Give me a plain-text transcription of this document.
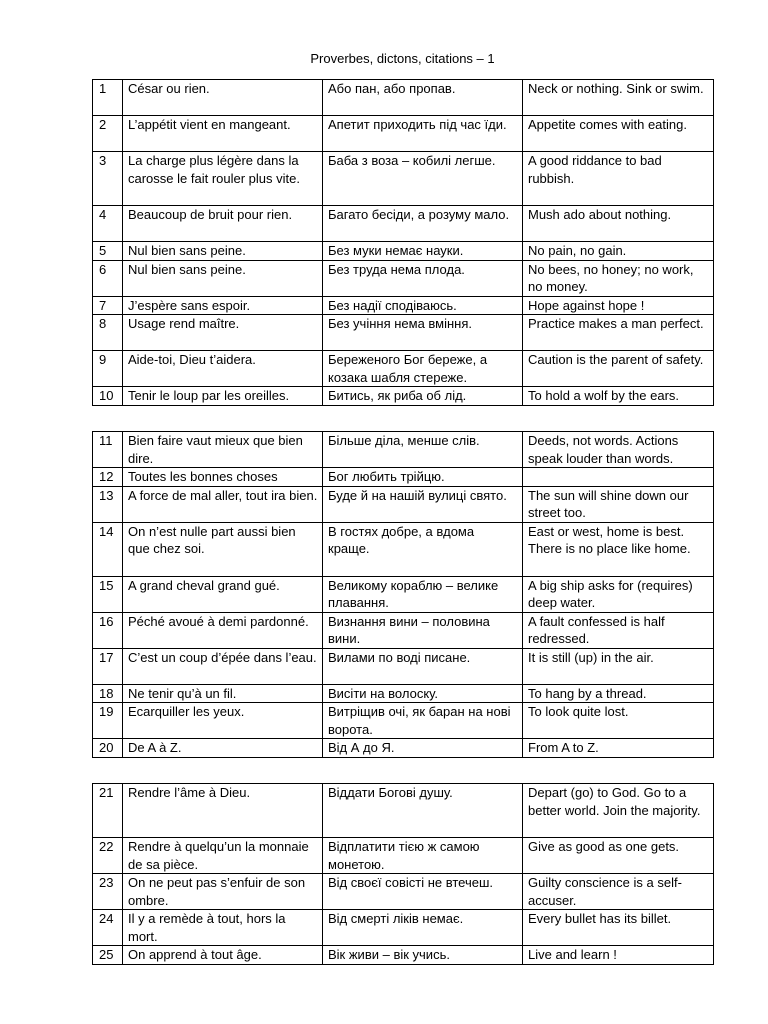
Proverbes, dictons, citations – 1
1	César ou rien.	Або пан, або пропав.	Neck or nothing. Sink or swim.
2	L’appétit vient en mangeant.	Апетит приходить під час їди.	Appetite comes with eating.
3	La charge plus légère dans la carosse le fait rouler plus vite.	Баба з воза – кобилі легше.	A good riddance to bad rubbish.
4	Beaucoup de bruit pour rien.	Багато бесіди, а розуму мало.	Mush ado about nothing.
5	Nul bien sans peine.	Без муки немає науки.	No pain, no gain.
6	Nul bien sans peine.	Без труда нема плода.	No bees, no honey; no work, no money.
7	J’espère sans espoir.	Без надії сподіваюсь.	Hope against hope !
8	Usage rend maître.	Без учіння нема вміння.	Practice makes a man perfect.
9	Aide-toi, Dieu t’aidera.	Береженого Бог береже, а козака шабля стереже.	Caution is the parent of safety.
10	Tenir le loup par les oreilles.	Битись, як риба об лід.	To hold a wolf by the ears.
11	Bien faire vaut mieux que bien dire.	Більше діла, менше слів.	Deeds, not words. Actions speak louder than words.
12	Toutes les bonnes choses	Бог любить трійцю.	
13	A force de mal aller, tout ira bien.	Буде й на нашій вулиці свято.	The sun will shine down our street too.
14	On n’est nulle part aussi bien que chez soi.	В гостях добре, а вдома краще.	East or west, home is best. There is no place like home.
15	A grand cheval grand gué.	Великому кораблю – велике плавання.	A big ship asks for (requires) deep water.
16	Péché avoué à demi pardonné.	Визнання вини – половина вини.	A fault confessed is half redressed.
17	C’est un coup d’épée dans l’eau.	Вилами по воді писане.	It is still (up) in the air.
18	Ne tenir qu’à un fil.	Висіти на волоску.	To hang by a thread.
19	Ecarquiller les yeux.	Витріщив очі, як баран на нові ворота.	To look quite lost.
20	De A à Z.	Від А до Я.	From A to Z.
21	Rendre l’âme à Dieu.	Віддати Богові душу.	Depart (go) to God. Go to a better world. Join the majority.
22	Rendre à quelqu’un la monnaie de sa pièce.	Відплатити тією ж самою монетою.	Give as good as one gets.
23	On ne peut pas s’enfuir de son ombre.	Від своєї совісті не втечеш.	Guilty conscience is a self-accuser.
24	Il y a remède à tout, hors la mort.	Від смерті ліків немає.	Every bullet has its billet.
25	On apprend à tout âge.	Вік живи – вік учись.	Live and learn !
